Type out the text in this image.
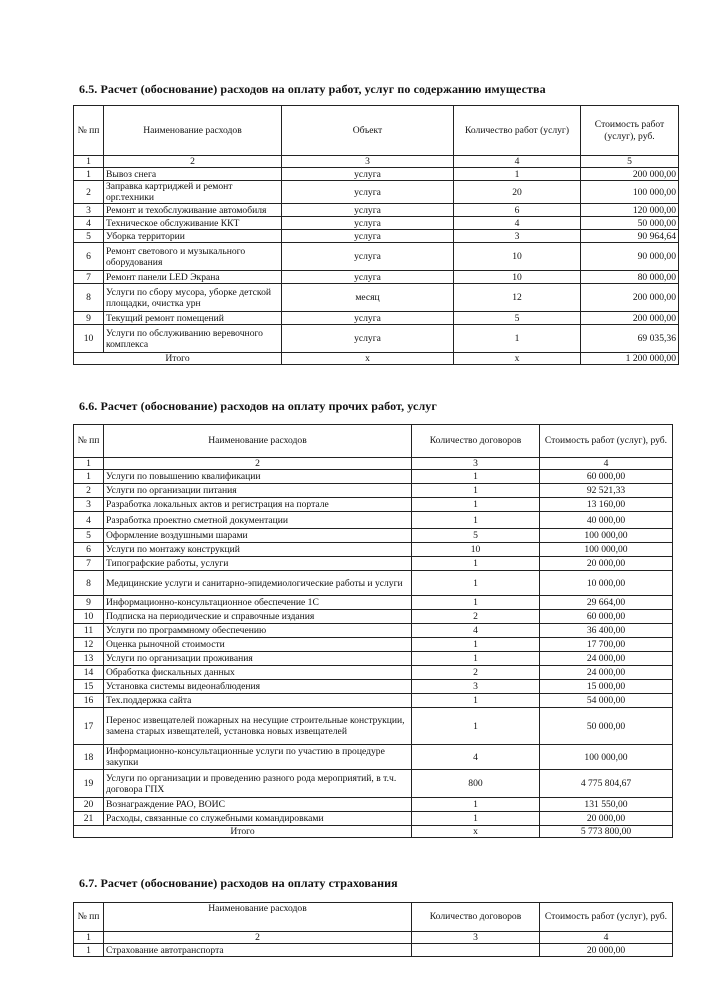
6.5. Расчет (обоснование) расходов на оплату работ, услуг по содержанию имущества
№ пп	Наименование расходов	Объект	Количество работ (услуг)	Стоимость работ (услуг), руб.
1	2	3	4	5
1	Вывоз снега	услуга	1	200 000,00
2	Заправка картриджей и ремонт орг.техники	услуга	20	100 000,00
3	Ремонт и техобслуживание автомобиля	услуга	6	120 000,00
4	Техническое обслуживание ККТ	услуга	4	50 000,00
5	Уборка территории	услуга	3	90 964,64
6	Ремонт светового и музыкального оборудования	услуга	10	90 000,00
7	Ремонт панели LED Экрана	услуга	10	80 000,00
8	Услуги по сбору мусора, уборке детской площадки, очистка урн	месяц	12	200 000,00
9	Текущий ремонт помещений	услуга	5	200 000,00
10	Услуги по обслуживанию веревочного комплекса	услуга	1	69 035,36
Итого		х	х	1 200 000,00
6.6. Расчет (обоснование) расходов на оплату прочих работ, услуг
№ пп	Наименование расходов	Количество договоров	Стоимость работ (услуг), руб.
1	2	3	4
1	Услуги по повышению квалификации	1	60 000,00
2	Услуги по организации питания	1	92 521,33
3	Разработка локальных актов и регистрация на портале	1	13 160,00
4	Разработка проектно сметной документации	1	40 000,00
5	Оформление воздушными шарами	5	100 000,00
6	Услуги по монтажу конструкций	10	100 000,00
7	Типографские работы, услуги	1	20 000,00
8	Медицинские услуги и санитарно-эпидемиологические работы и услуги	1	10 000,00
9	Информационно-консультационное обеспечение 1С	1	29 664,00
10	Подписка на периодические и справочные издания	2	60 000,00
11	Услуги по программному обеспечению	4	36 400,00
12	Оценка рыночной стоимости	1	17 700,00
13	Услуги по организации проживания	1	24 000,00
14	Обработка фискальных данных	2	24 000,00
15	Установка системы видеонаблюдения	3	15 000,00
16	Тех.поддержка сайта	1	54 000,00
17	Перенос извещателей пожарных на несущие строительные конструкции, замена старых извещателей, установка новых извещателей	1	50 000,00
18	Информационно-консультационные услуги по участию в процедуре закупки	4	100 000,00
19	Услуги по организации и проведению разного рода мероприятий, в т.ч. договора ГПХ	800	4 775 804,67
20	Вознаграждение РАО, ВОИС	1	131 550,00
21	Расходы, связанные со служебными командировками	1	20 000,00
Итого		х	5 773 800,00
6.7. Расчет (обоснование) расходов на оплату страхования
№ пп	Наименование расходов	Количество договоров	Стоимость работ (услуг), руб.
1	2	3	4
1	Страхование автотранспорта		20 000,00
